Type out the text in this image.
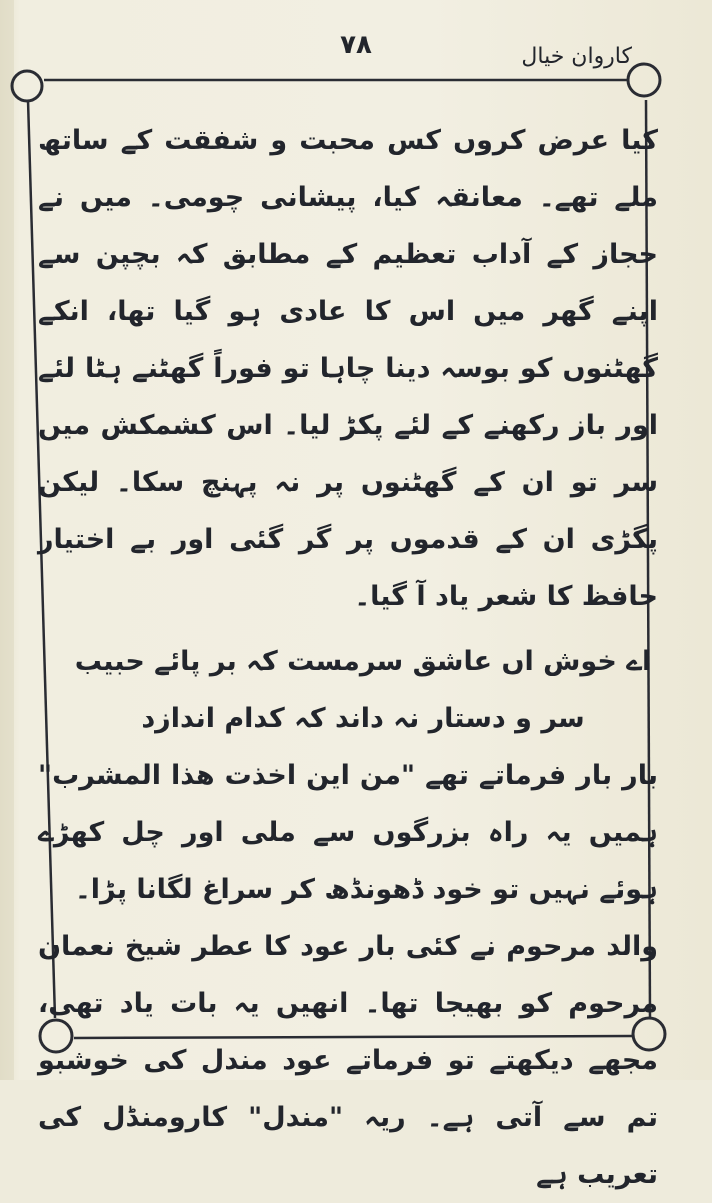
۷۸	کاروان خیال

کیا عرض کروں کس محبت و شفقت کے ساتھ ملے تھے۔ معانقہ کیا، پیشانی چومی۔ میں نے حجاز کے آداب تعظیم کے مطابق کہ بچپن سے اپنے گھر میں اس کا عادی ہو گیا تھا، انکے گھٹنوں کو بوسہ دینا چاہا تو فوراً گھٹنے ہٹا لئے اور باز رکھنے کے لئے پکڑ لیا۔ اس کشمکش میں سر تو ان کے گھٹنوں پر نہ پہنچ سکا۔ لیکن پگڑی ان کے قدموں پر گر گئی اور بے اختیار حافظ کا شعر یاد آ گیا۔

اے خوش اں عاشق سرمست کہ بر پائے حبیب
سر و دستار نہ داند کہ کدام اندازد

بار بار فرماتے تھے "من این اخذت ھذا المشرب" ہمیں یہ راہ بزرگوں سے ملی اور چل کھڑے ہوئے نہیں تو خود ڈھونڈھ کر سراغ لگانا پڑا۔

والد مرحوم نے کئی بار عود کا عطر شیخ نعمان مرحوم کو بھیجا تھا۔ انھیں یہ بات یاد تھی، مجھے دیکھتے تو فرماتے عود مندل کی خوشبو تم سے آتی ہے۔ ریہ "مندل" کارومنڈل کی تعریب ہے
